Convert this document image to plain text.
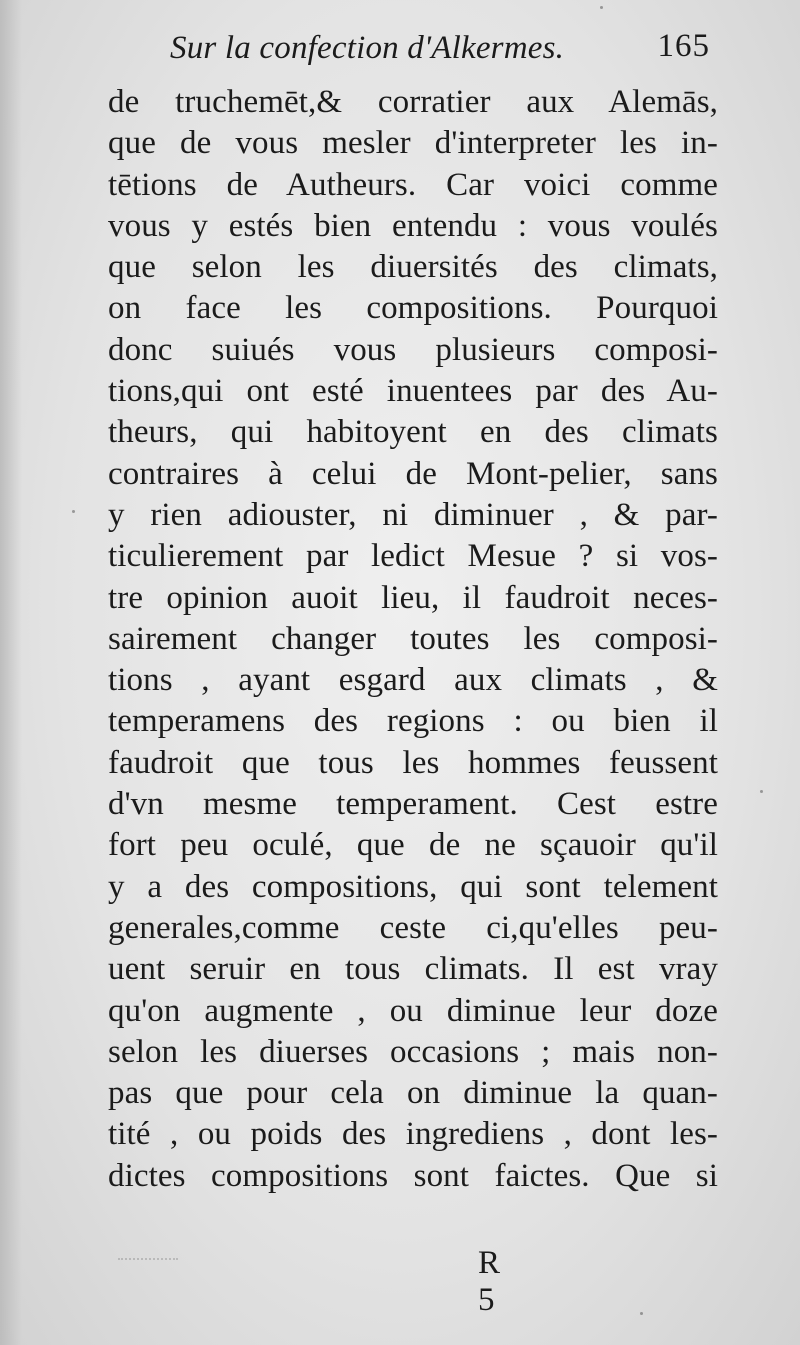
Sur la confection d'Alkermes.	165
de truchemēt,& corratier aux Alemās,
que de vous mesler d'interpreter les in-
tētions de Autheurs. Car voici comme
vous y estés bien entendu : vous voulés
que selon les diuersités des climats,
on face les compositions. Pourquoi
donc suiués vous plusieurs composi-
tions,qui ont esté inuentees par des Au-
theurs, qui habitoyent en des climats
contraires à celui de Mont-pelier, sans
y rien adiouster, ni diminuer , & par-
ticulierement par ledict Mesue ? si vos-
tre opinion auoit lieu, il faudroit neces-
sairement changer toutes les composi-
tions , ayant esgard aux climats , &
temperamens des regions : ou bien il
faudroit que tous les hommes feussent
d'vn mesme temperament. Cest estre
fort peu oculé, que de ne sçauoir qu'il
y a des compositions, qui sont telement
generales,comme ceste ci,qu'elles peu-
uent seruir en tous climats. Il est vray
qu'on augmente , ou diminue leur doze
selon les diuerses occasions ; mais non-
pas que pour cela on diminue la quan-
tité , ou poids des ingrediens , dont les-
dictes compositions sont faictes. Que si
R 5
